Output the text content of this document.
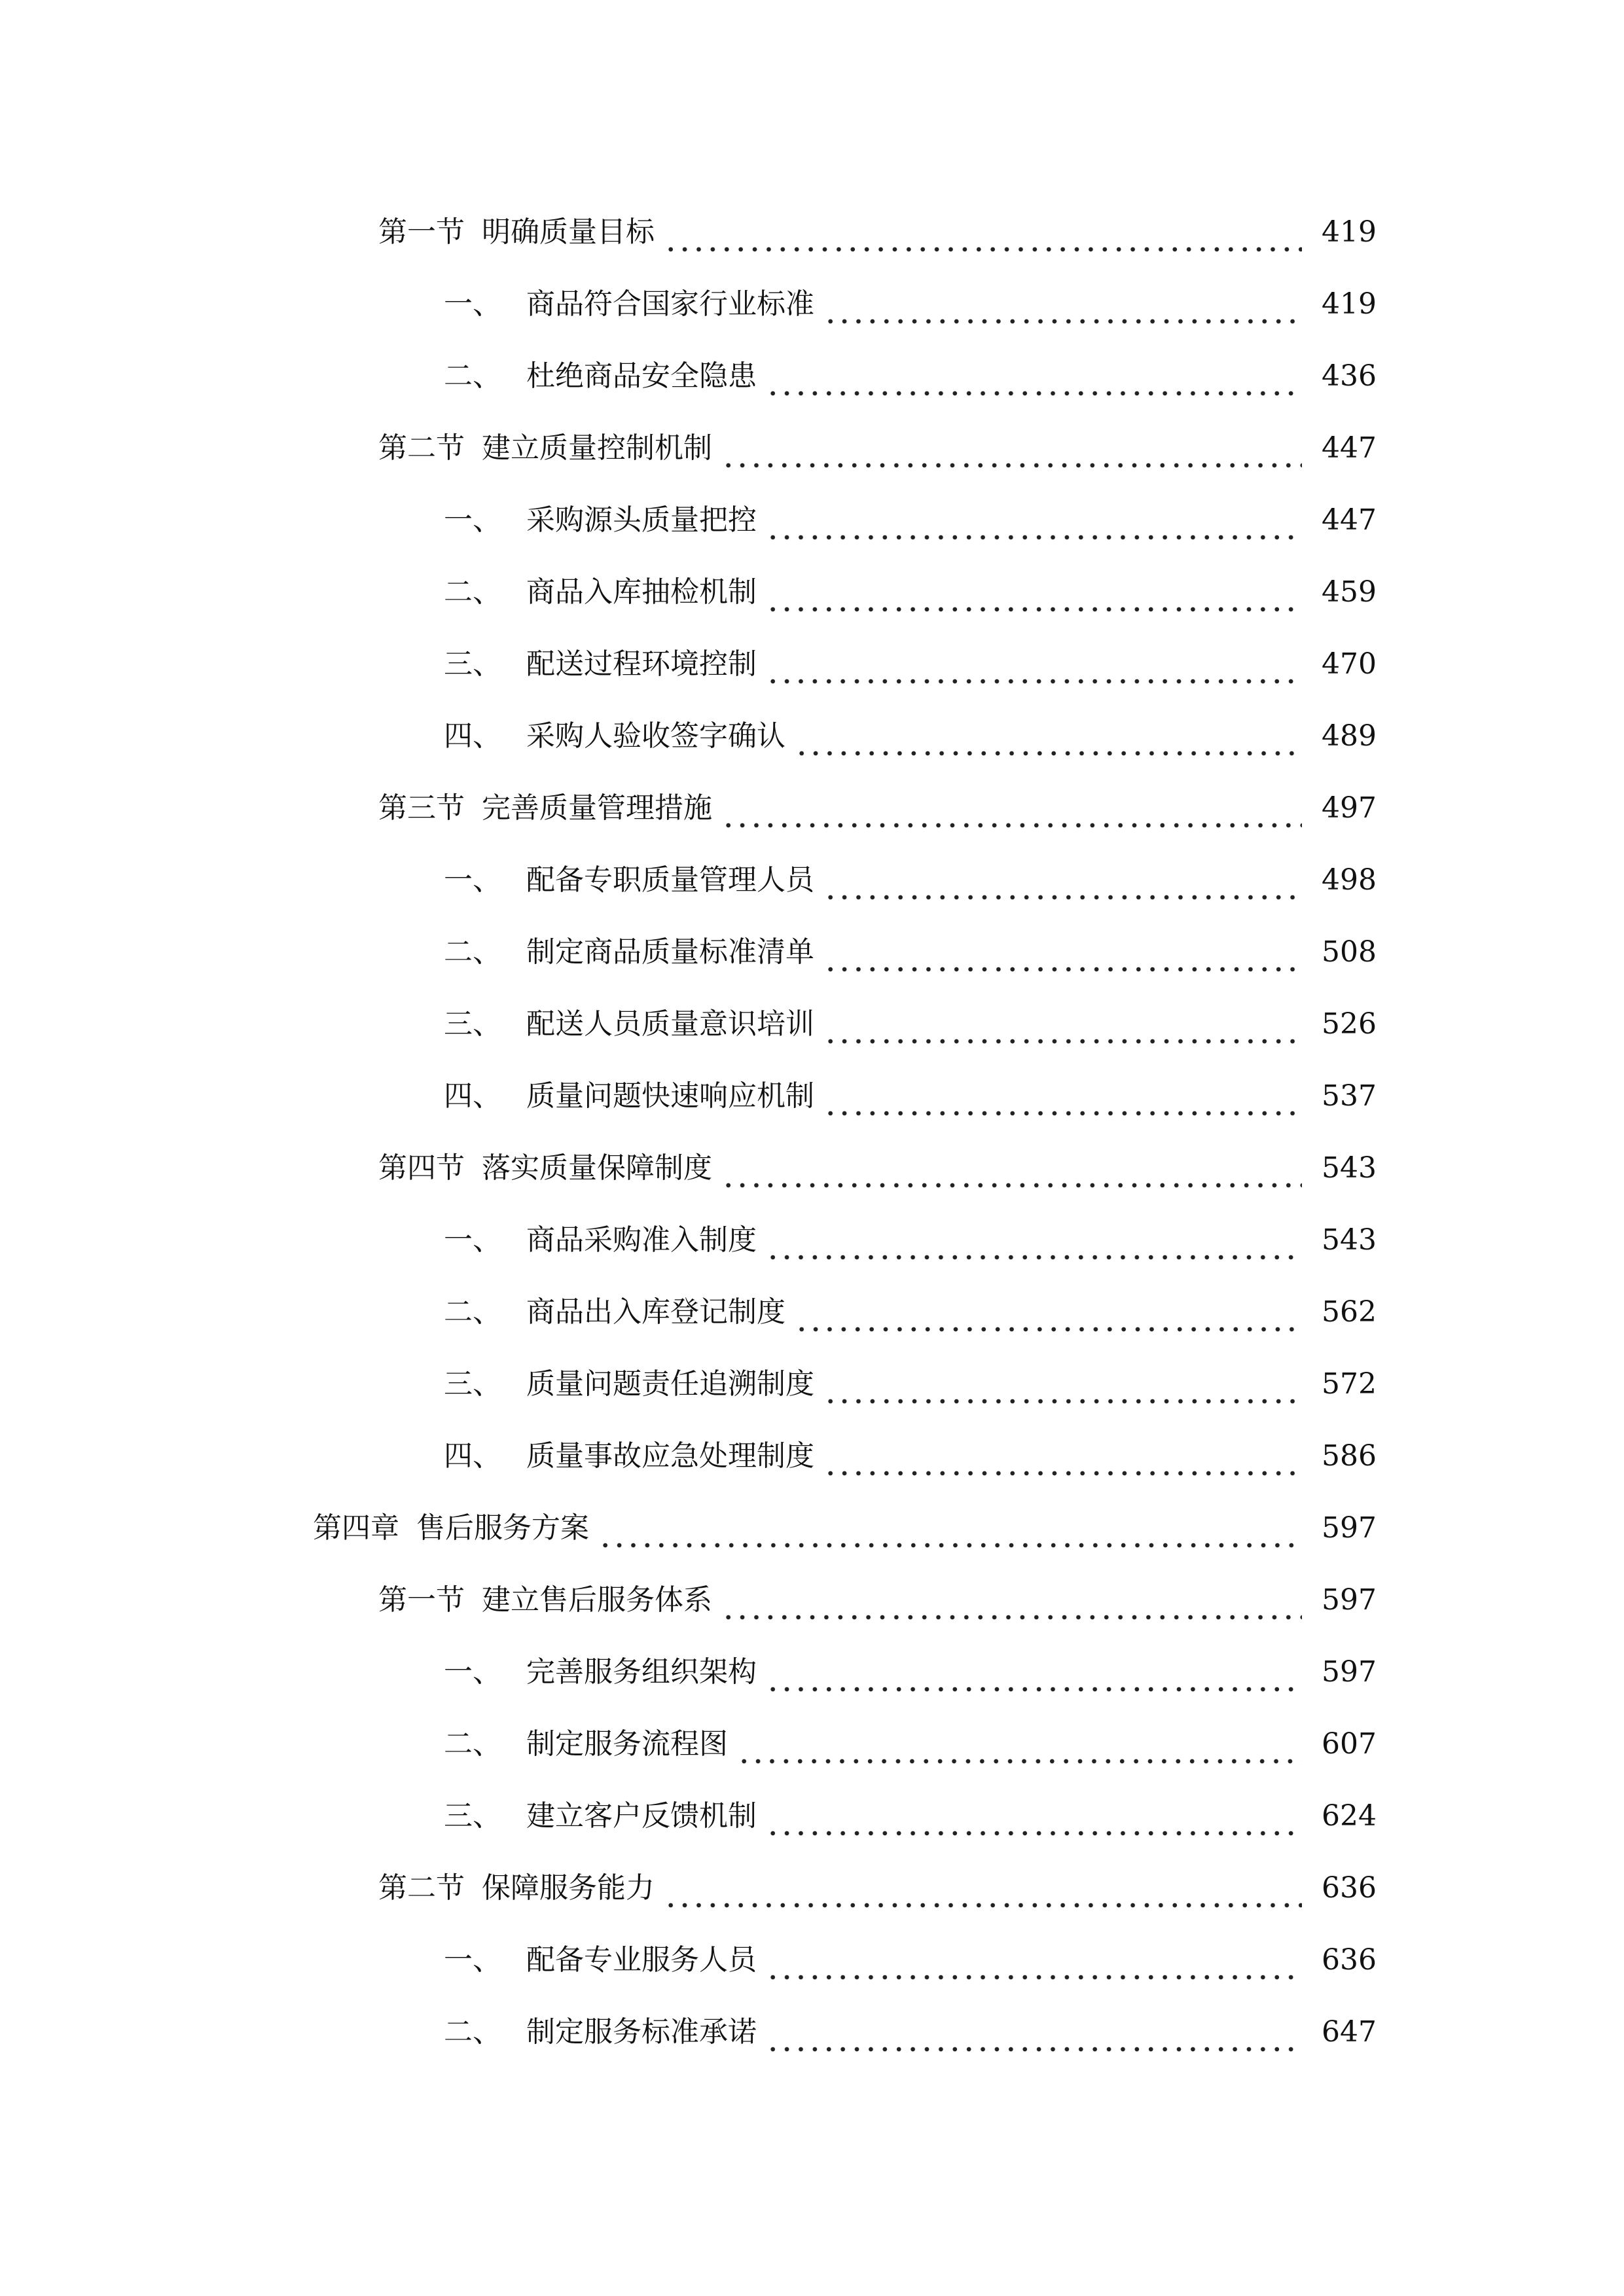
第一节 明确质量目标	419
一、 商品符合国家行业标准	419
二、 杜绝商品安全隐患	436
第二节 建立质量控制机制	447
一、 采购源头质量把控	447
二、 商品入库抽检机制	459
三、 配送过程环境控制	470
四、 采购人验收签字确认	489
第三节 完善质量管理措施	497
一、 配备专职质量管理人员	498
二、 制定商品质量标准清单	508
三、 配送人员质量意识培训	526
四、 质量问题快速响应机制	537
第四节 落实质量保障制度	543
一、 商品采购准入制度	543
二、 商品出入库登记制度	562
三、 质量问题责任追溯制度	572
四、 质量事故应急处理制度	586
第四章 售后服务方案	597
第一节 建立售后服务体系	597
一、 完善服务组织架构	597
二、 制定服务流程图	607
三、 建立客户反馈机制	624
第二节 保障服务能力	636
一、 配备专业服务人员	636
二、 制定服务标准承诺	647
